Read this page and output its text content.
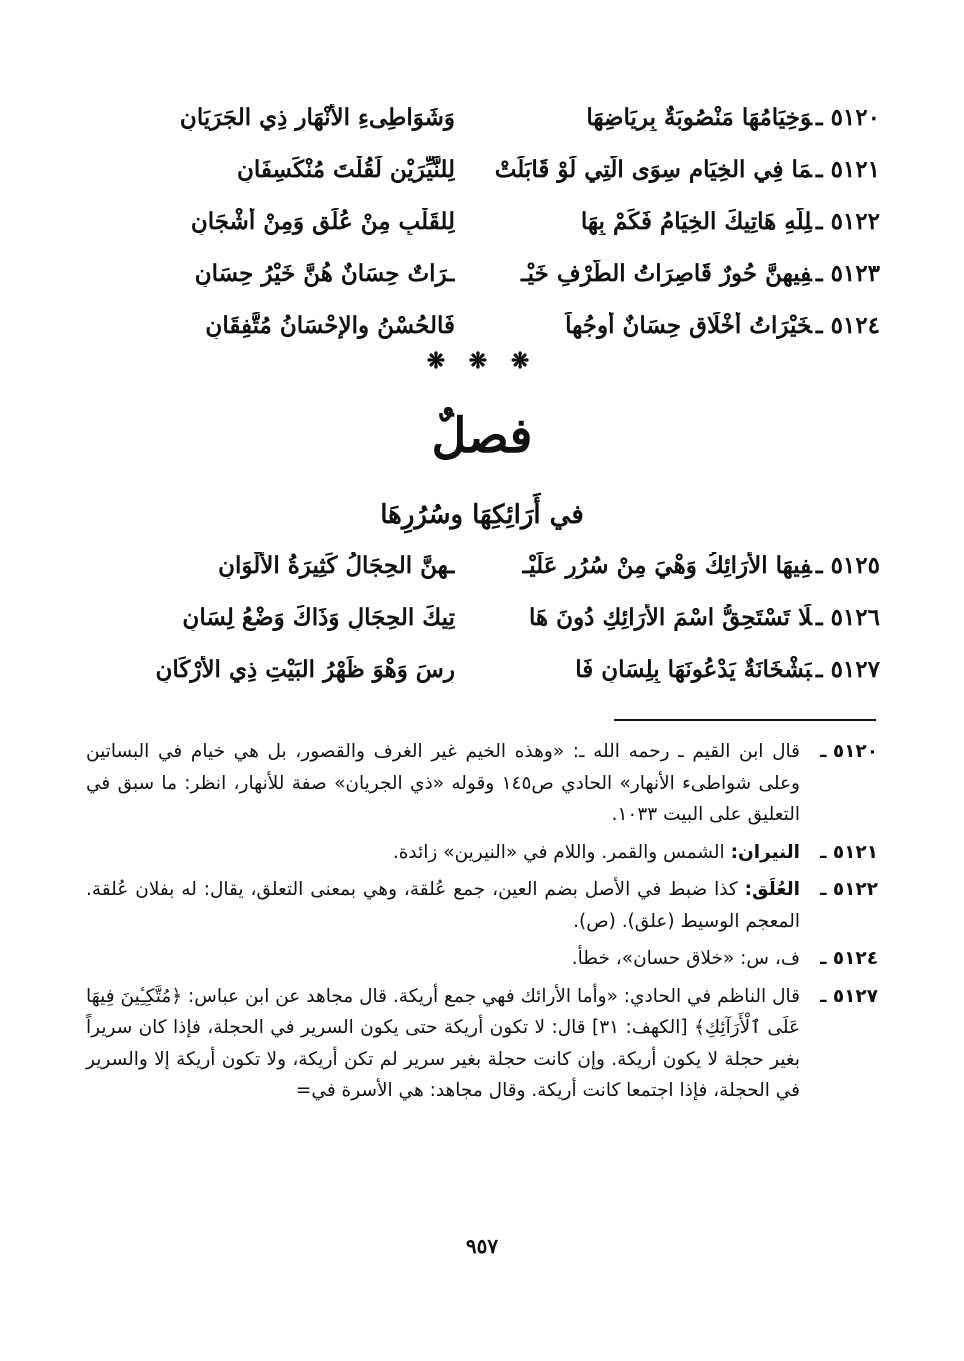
٥١٢٠ ـوَخِيَامُهَا مَنْصُوبَةٌ بِرِيَاضِهَا
وَشَوَاطِىءِ الأَنْهَارِ ذِي الجَرَيَانِ
٥١٢١ ـمَا فِي الخِيَامِ سِوَى الَّتِي لَوْ قَابَلَتْ
لِلنَّيِّرَيْنِ لَقُلْتَ مُنْكَسِفَانِ
٥١٢٢ ـلِلَّهِ هَاتِيكَ الخِيَامُ فَكَمْ بِهَا
لِلقَلْبِ مِنْ عُلَقٍ وَمِنْ أَشْجَانِ
٥١٢٣ ـفِيهِنَّ حُورٌ قَاصِرَاتُ الطَّرْفِ خَيْـ
ـرَاتٌ حِسَانٌ هُنَّ خَيْرُ حِسَانِ
٥١٢٤ ـخَيْرَاتُ أَخْلَاقٍ حِسَانٌ أَوجُهاً
فَالحُسْنُ والإِحْسَانُ مُتَّفِقَانِ
❋ ❋ ❋
فصلٌ
في أَرَائِكِهَا وسُرُرِهَا
٥١٢٥ ـفِيهَا الأَرَائِكُ وَهْيَ مِنْ سُرُرٍ عَلَيْـ
ـهِنَّ الحِجَالُ كَثِيرَةُ الأَلْوَانِ
٥١٢٦ ـلَا تَسْتَحِقُّ اسْمَ الأَرَائِكِ دُونَ هَا
تِيكَ الحِجَالِ وَذَاكَ وَضْعُ لِسَانِ
٥١٢٧ ـبَشْخَانَةٌ يَدْعُونَهَا بِلِسَانِ فَا
رِسَ وَهْوَ ظَهْرُ البَيْتِ ذِي الأَرْكَانِ
٥١٢٠ ـ
قال ابن القيم ـ رحمه الله ـ: «وهذه الخيم غير الغرف والقصور، بل هي خيام في البساتين وعلى شواطىء الأنهار» الحادي ص١٤٥ وقوله «ذي الجريان» صفة للأنهار، انظر: ما سبق في التعليق على البيت ١٠٣٣.
٥١٢١ ـ
النيران: الشمس والقمر. واللام في «النيرين» زائدة.
٥١٢٢ ـ
العُلَق: كذا ضبط في الأصل بضم العين، جمع عُلقة، وهي بمعنى التعلق، يقال: له بفلان عُلقة. المعجم الوسيط (علق). (ص).
٥١٢٤ ـ
ف، س: «خلاق حسان»، خطأ.
٥١٢٧ ـ
قال الناظم في الحادي: «وأما الأرائك فهي جمع أريكة. قال مجاهد عن ابن عباس: ﴿مُتَّكِـِٔينَ فِيهَا عَلَى ٱلْأَرَآئِكِ﴾ [الكهف: ٣١] قال: لا تكون أريكة حتى يكون السرير في الحجلة، فإذا كان سريراً بغير حجلة لا يكون أريكة. وإن كانت حجلة بغير سرير لم تكن أريكة، ولا تكون أريكة إلا والسرير في الحجلة، فإذا اجتمعا كانت أريكة. وقال مجاهد: هي الأسرة في=
٩٥٧
